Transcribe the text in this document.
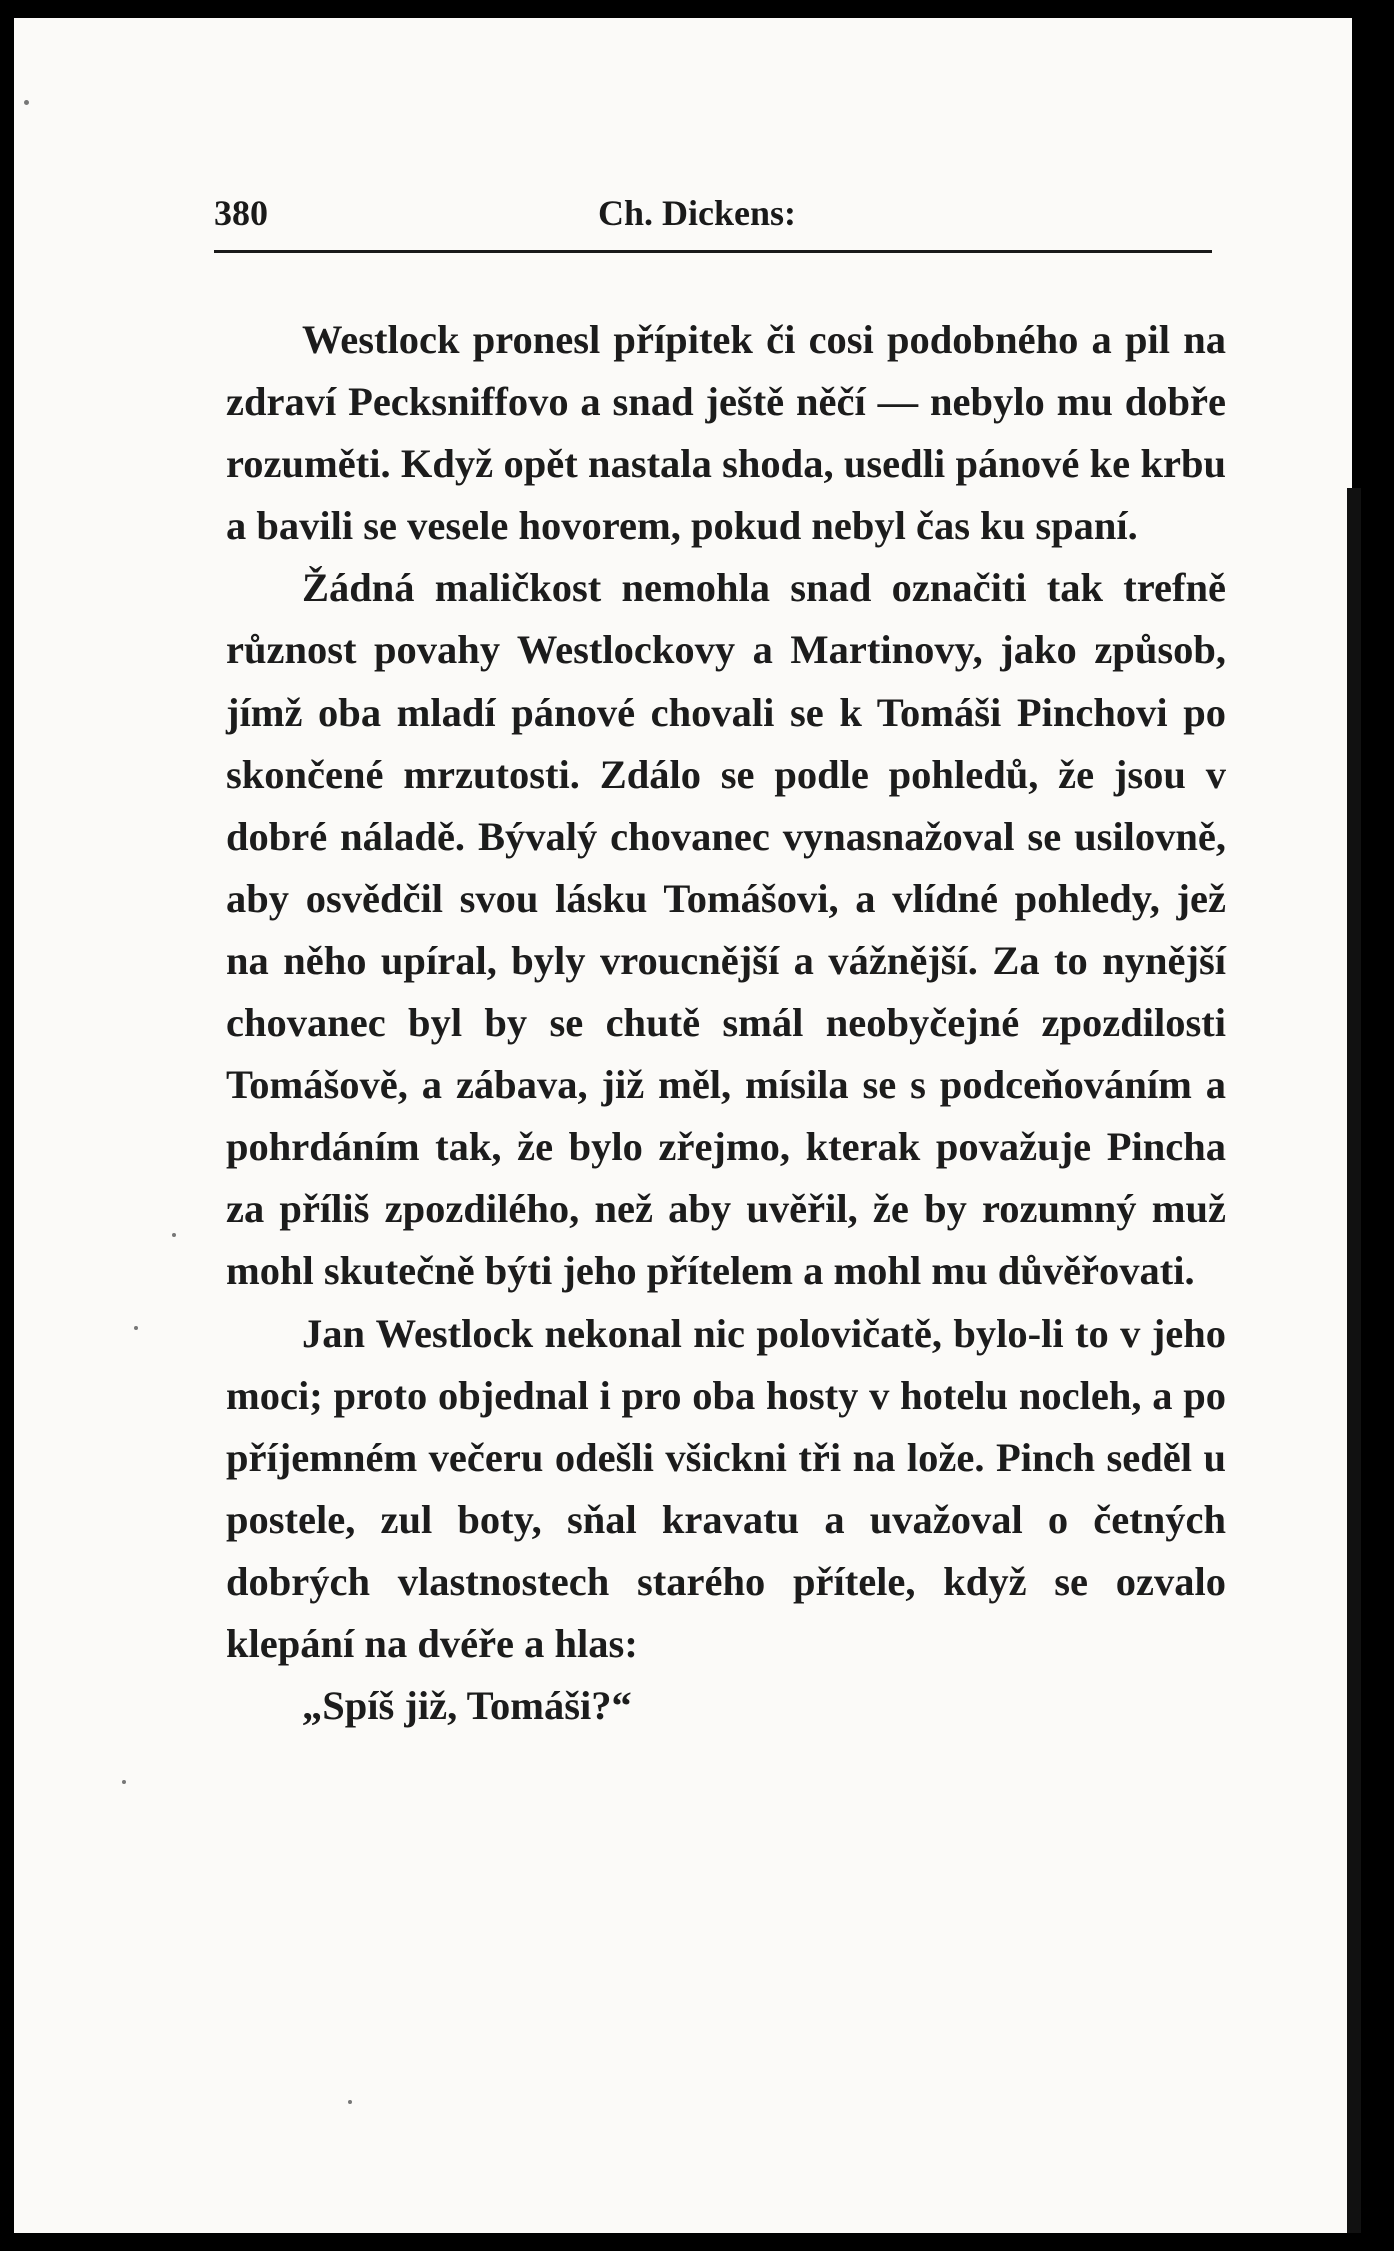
380	Ch. Dickens:

Westlock pronesl přípitek či cosi podobného a pil na zdraví Pecksniffovo a snad ještě něčí — nebylo mu dobře rozuměti. Když opět nastala shoda, usedli pánové ke krbu a bavili se vesele hovorem, pokud nebyl čas ku spaní.

Žádná maličkost nemohla snad označiti tak trefně různost povahy Westlockovy a Martinovy, jako způsob, jímž oba mladí pánové chovali se k Tomáši Pinchovi po skončené mrzutosti. Zdálo se podle pohledů, že jsou v dobré náladě. Bývalý chovanec vynasnažoval se usilovně, aby osvědčil svou lásku Tomášovi, a vlídné pohledy, jež na něho upíral, byly vroucnější a vážnější. Za to nynější chovanec byl by se chutě smál neobyčejné zpozdilosti Tomášově, a zábava, již měl, mísila se s podceňováním a pohrdáním tak, že bylo zřejmo, kterak považuje Pincha za příliš zpozdilého, než aby uvěřil, že by rozumný muž mohl skutečně býti jeho přítelem a mohl mu důvěřovati.

Jan Westlock nekonal nic polovičatě, bylo-li to v jeho moci; proto objednal i pro oba hosty v hotelu nocleh, a po příjemném večeru odešli všickni tři na lože. Pinch seděl u postele, zul boty, sňal kravatu a uvažoval o četných dobrých vlastnostech starého přítele, když se ozvalo klepání na dvéře a hlas:

„Spíš již, Tomáši?“
